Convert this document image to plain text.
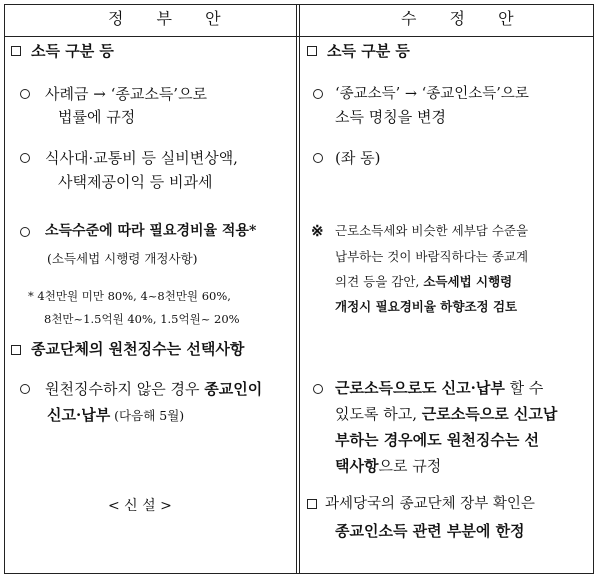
정 부 안	수 정 안
소득 구분 등
사례금 → ‘종교소득’으로
법률에 규정
식사대·교통비 등 실비변상액,
사택제공이익 등 비과세
소득수준에 따라 필요경비율 적용*
(소득세법 시행령 개정사항)
* 4천만원 미만 80%, 4~8천만원 60%,
8천만~1.5억원 40%, 1.5억원~ 20%
종교단체의 원천징수는 선택사항
원천징수하지 않은 경우 종교인이
신고·납부 (다음해 5월)
< 신 설 >
소득 구분 등
‘종교소득’ → ‘종교인소득’으로
소득 명칭을 변경
(좌 동)
※ 근로소득세와 비슷한 세부담 수준을
납부하는 것이 바람직하다는 종교계
의견 등을 감안, 소득세법 시행령
개정시 필요경비율 하향조정 검토
근로소득으로도 신고·납부 할 수
있도록 하고, 근로소득으로 신고납
부하는 경우에도 원천징수는 선
택사항으로 규정
과세당국의 종교단체 장부 확인은
종교인소득 관련 부분에 한정
